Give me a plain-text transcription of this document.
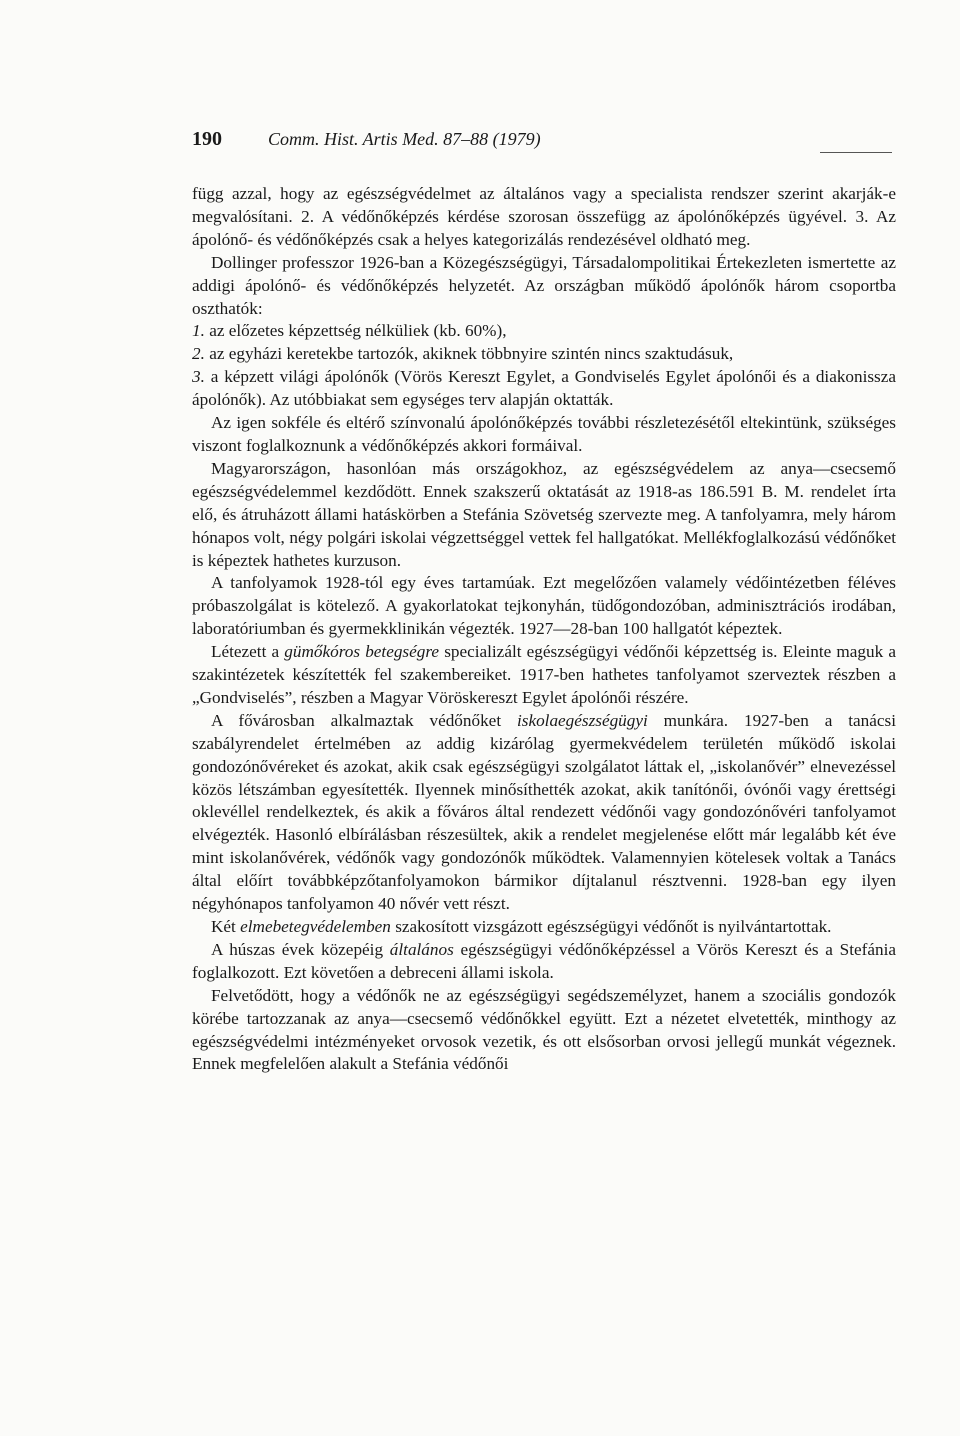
190	Comm. Hist. Artis Med. 87–88 (1979)

függ azzal, hogy az egészségvédelmet az általános vagy a specialista rendszer szerint akarják-e megvalósítani. 2. A védőnőképzés kérdése szorosan összefügg az ápolónőképzés ügyével. 3. Az ápolónő- és védőnőképzés csak a helyes kategorizálás rendezésével oldható meg.

Dollinger professzor 1926-ban a Közegészségügyi, Társadalompolitikai Értekezleten ismertette az addigi ápolónő- és védőnőképzés helyzetét. Az országban működő ápolónők három csoportba oszthatók:

1. az előzetes képzettség nélküliek (kb. 60%),

2. az egyházi keretekbe tartozók, akiknek többnyire szintén nincs szaktudásuk,

3. a képzett világi ápolónők (Vörös Kereszt Egylet, a Gondviselés Egylet ápolónői és a diakonissza ápolónők). Az utóbbiakat sem egységes terv alapján oktatták.

Az igen sokféle és eltérő színvonalú ápolónőképzés további részletezésétől eltekintünk, szükséges viszont foglalkoznunk a védőnőképzés akkori formáival.

Magyarországon, hasonlóan más országokhoz, az egészségvédelem az anya—csecsemő egészségvédelemmel kezdődött. Ennek szakszerű oktatását az 1918-as 186.591 B. M. rendelet írta elő, és átruházott állami hatáskörben a Stefánia Szövetség szervezte meg. A tanfolyamra, mely három hónapos volt, négy polgári iskolai végzettséggel vettek fel hallgatókat. Mellékfoglalkozású védőnőket is képeztek hathetes kurzuson.

A tanfolyamok 1928-tól egy éves tartamúak. Ezt megelőzően valamely védőintézetben féléves próbaszolgálat is kötelező. A gyakorlatokat tejkonyhán, tüdőgondozóban, adminisztrációs irodában, laboratóriumban és gyermekklinikán végezték. 1927—28-ban 100 hallgatót képeztek.

Létezett a gümőkóros betegségre specializált egészségügyi védőnői képzettség is. Eleinte maguk a szakintézetek készítették fel szakembereiket. 1917-ben hathetes tanfolyamot szerveztek részben a „Gondviselés”, részben a Magyar Vöröskereszt Egylet ápolónői részére.

A fővárosban alkalmaztak védőnőket iskolaegészségügyi munkára. 1927-ben a tanácsi szabályrendelet értelmében az addig kizárólag gyermekvédelem területén működő iskolai gondozónővéreket és azokat, akik csak egészségügyi szolgálatot láttak el, „iskolanővér” elnevezéssel közös létszámban egyesítették. Ilyennek minősíthették azokat, akik tanítónői, óvónői vagy érettségi oklevéllel rendelkeztek, és akik a főváros által rendezett védőnői vagy gondozónővéri tanfolyamot elvégezték. Hasonló elbírálásban részesültek, akik a rendelet megjelenése előtt már legalább két éve mint iskolanővérek, védőnők vagy gondozónők működtek. Valamennyien kötelesek voltak a Tanács által előírt továbbképzőtanfolyamokon bármikor díjtalanul résztvenni. 1928-ban egy ilyen négyhónapos tanfolyamon 40 nővér vett részt.

Két elmebetegvédelemben szakosított vizsgázott egészségügyi védőnőt is nyilvántartottak.

A húszas évek közepéig általános egészségügyi védőnőképzéssel a Vörös Kereszt és a Stefánia foglalkozott. Ezt követően a debreceni állami iskola.

Felvetődött, hogy a védőnők ne az egészségügyi segédszemélyzet, hanem a szociális gondozók körébe tartozzanak az anya—csecsemő védőnőkkel együtt. Ezt a nézetet elvetették, minthogy az egészségvédelmi intézményeket orvosok vezetik, és ott elsősorban orvosi jellegű munkát végeznek. Ennek megfelelően alakult a Stefánia védőnői
